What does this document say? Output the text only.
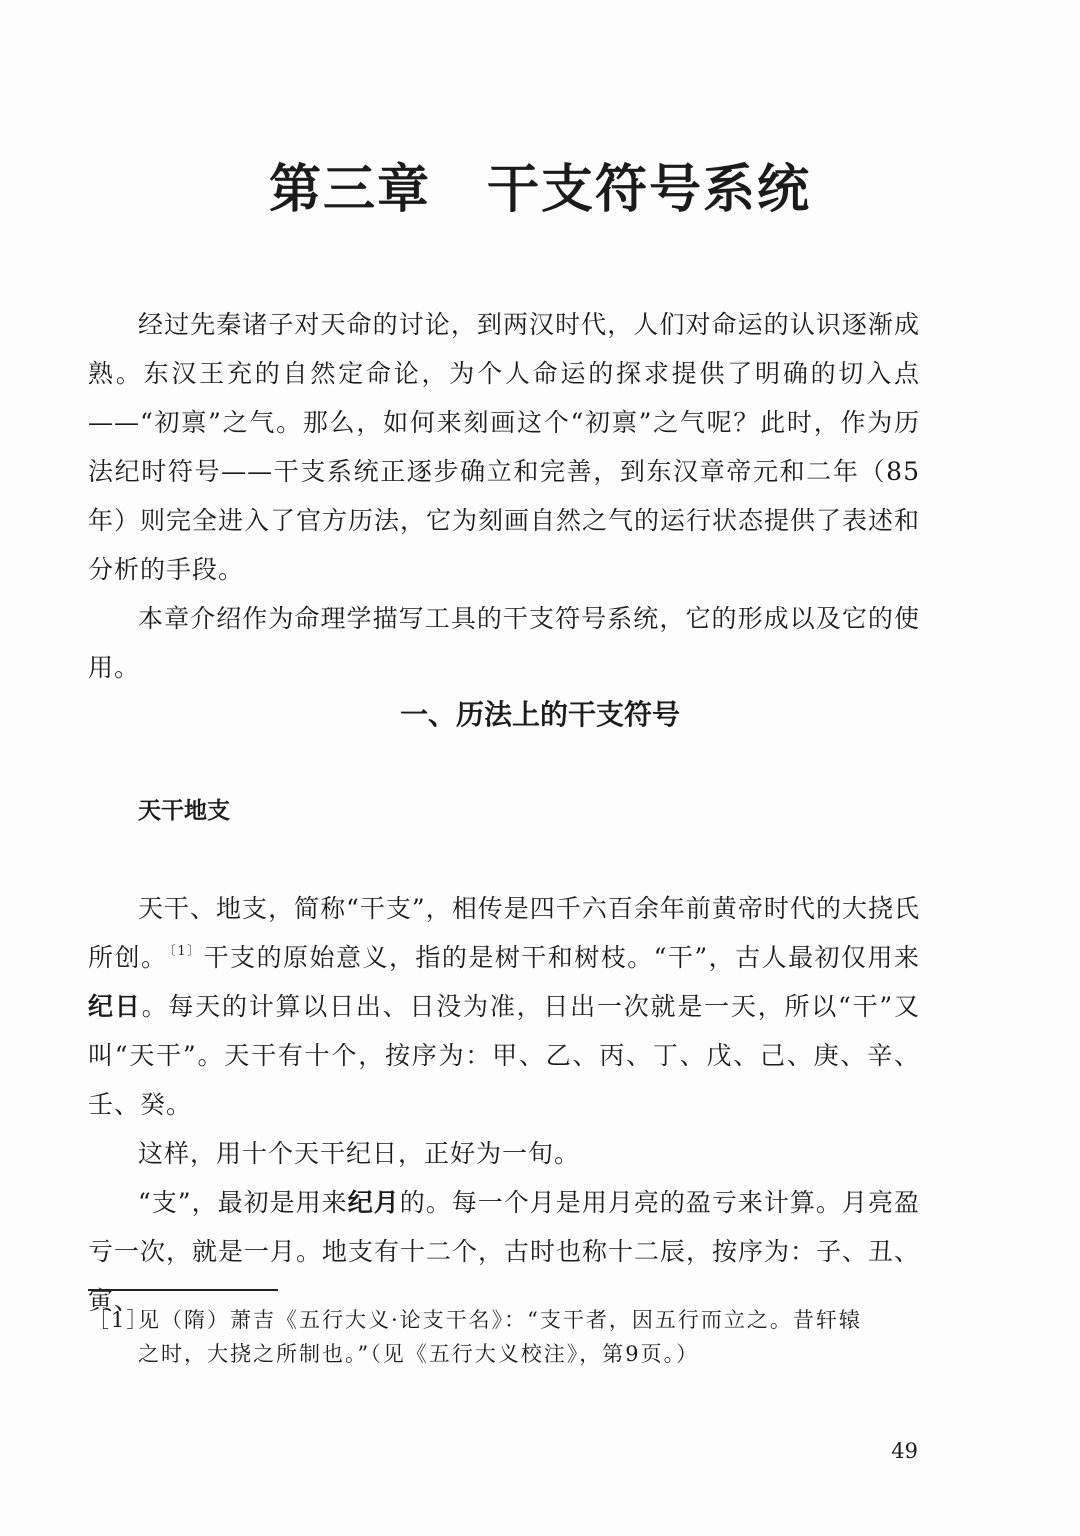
第三章 干支符号系统

经过先秦诸子对天命的讨论，到两汉时代，人们对命运的认识逐渐成熟。东汉王充的自然定命论，为个人命运的探求提供了明确的切入点——“初禀”之气。那么，如何来刻画这个“初禀”之气呢？此时，作为历法纪时符号——干支系统正逐步确立和完善，到东汉章帝元和二年（85年）则完全进入了官方历法，它为刻画自然之气的运行状态提供了表述和分析的手段。

本章介绍作为命理学描写工具的干支符号系统，它的形成以及它的使用。

一、历法上的干支符号
天干地支

天干、地支，简称“干支”，相传是四千六百余年前黄帝时代的大挠氏所创。 $^{〔1〕}$干支的原始意义，指的是树干和树枝。“干”，古人最初仅用来纪日。每天的计算以日出、日没为准，日出一次就是一天，所以“干”又叫“天干”。天干有十个，按序为：甲、乙、丙、丁、戊、己、庚、辛、壬、癸。

这样，用十个天干纪日，正好为一旬。

“支”，最初是用来纪月的。每一个月是用月亮的盈亏来计算。月亮盈亏一次，就是一月。地支有十二个，古时也称十二辰，按序为：子、丑、寅、

［1］见（隋）萧吉《五行大义·论支干名》：“支干者，因五行而立之。昔轩辕
之时，大挠之所制也。”（见《五行大义校注》，第9页。）
49
